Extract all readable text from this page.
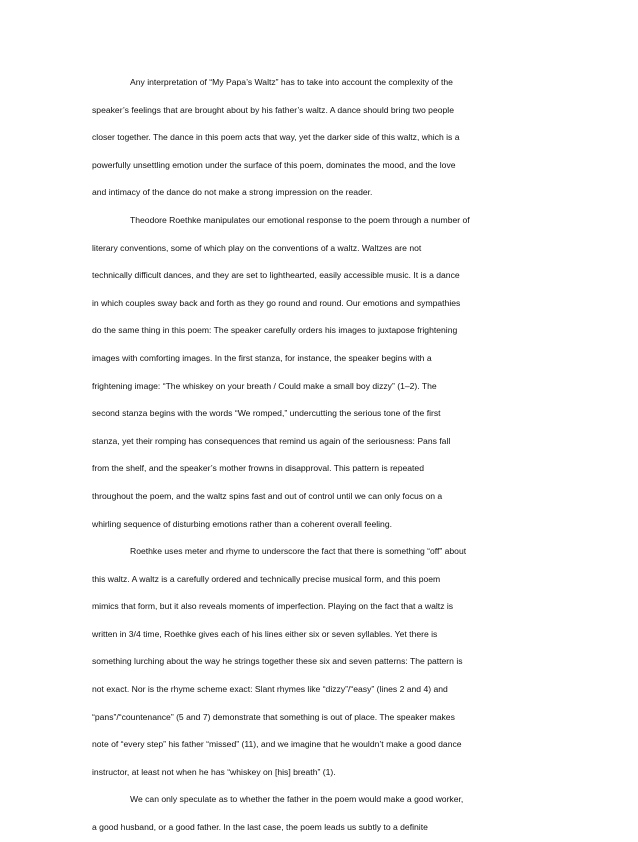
Any interpretation of “My Papa’s Waltz” has to take into account the complexity of the
speaker’s feelings that are brought about by his father’s waltz. A dance should bring two people
closer together. The dance in this poem acts that way, yet the darker side of this waltz, which is a
powerfully unsettling emotion under the surface of this poem, dominates the mood, and the love
and intimacy of the dance do not make a strong impression on the reader.
Theodore Roethke manipulates our emotional response to the poem through a number of
literary conventions, some of which play on the conventions of a waltz. Waltzes are not
technically difficult dances, and they are set to lighthearted, easily accessible music. It is a dance
in which couples sway back and forth as they go round and round. Our emotions and sympathies
do the same thing in this poem: The speaker carefully orders his images to juxtapose frightening
images with comforting images. In the first stanza, for instance, the speaker begins with a
frightening image: “The whiskey on your breath / Could make a small boy dizzy” (1–2). The
second stanza begins with the words “We romped,” undercutting the serious tone of the first
stanza, yet their romping has consequences that remind us again of the seriousness: Pans fall
from the shelf, and the speaker’s mother frowns in disapproval. This pattern is repeated
throughout the poem, and the waltz spins fast and out of control until we can only focus on a
whirling sequence of disturbing emotions rather than a coherent overall feeling.
Roethke uses meter and rhyme to underscore the fact that there is something “off” about
this waltz. A waltz is a carefully ordered and technically precise musical form, and this poem
mimics that form, but it also reveals moments of imperfection. Playing on the fact that a waltz is
written in 3/4 time, Roethke gives each of his lines either six or seven syllables. Yet there is
something lurching about the way he strings together these six and seven patterns: The pattern is
not exact. Nor is the rhyme scheme exact: Slant rhymes like “dizzy”/“easy” (lines 2 and 4) and
“pans”/“countenance” (5 and 7) demonstrate that something is out of place. The speaker makes
note of “every step” his father “missed” (11), and we imagine that he wouldn’t make a good dance
instructor, at least not when he has “whiskey on [his] breath” (1).
We can only speculate as to whether the father in the poem would make a good worker,
a good husband, or a good father. In the last case, the poem leads us subtly to a definite
